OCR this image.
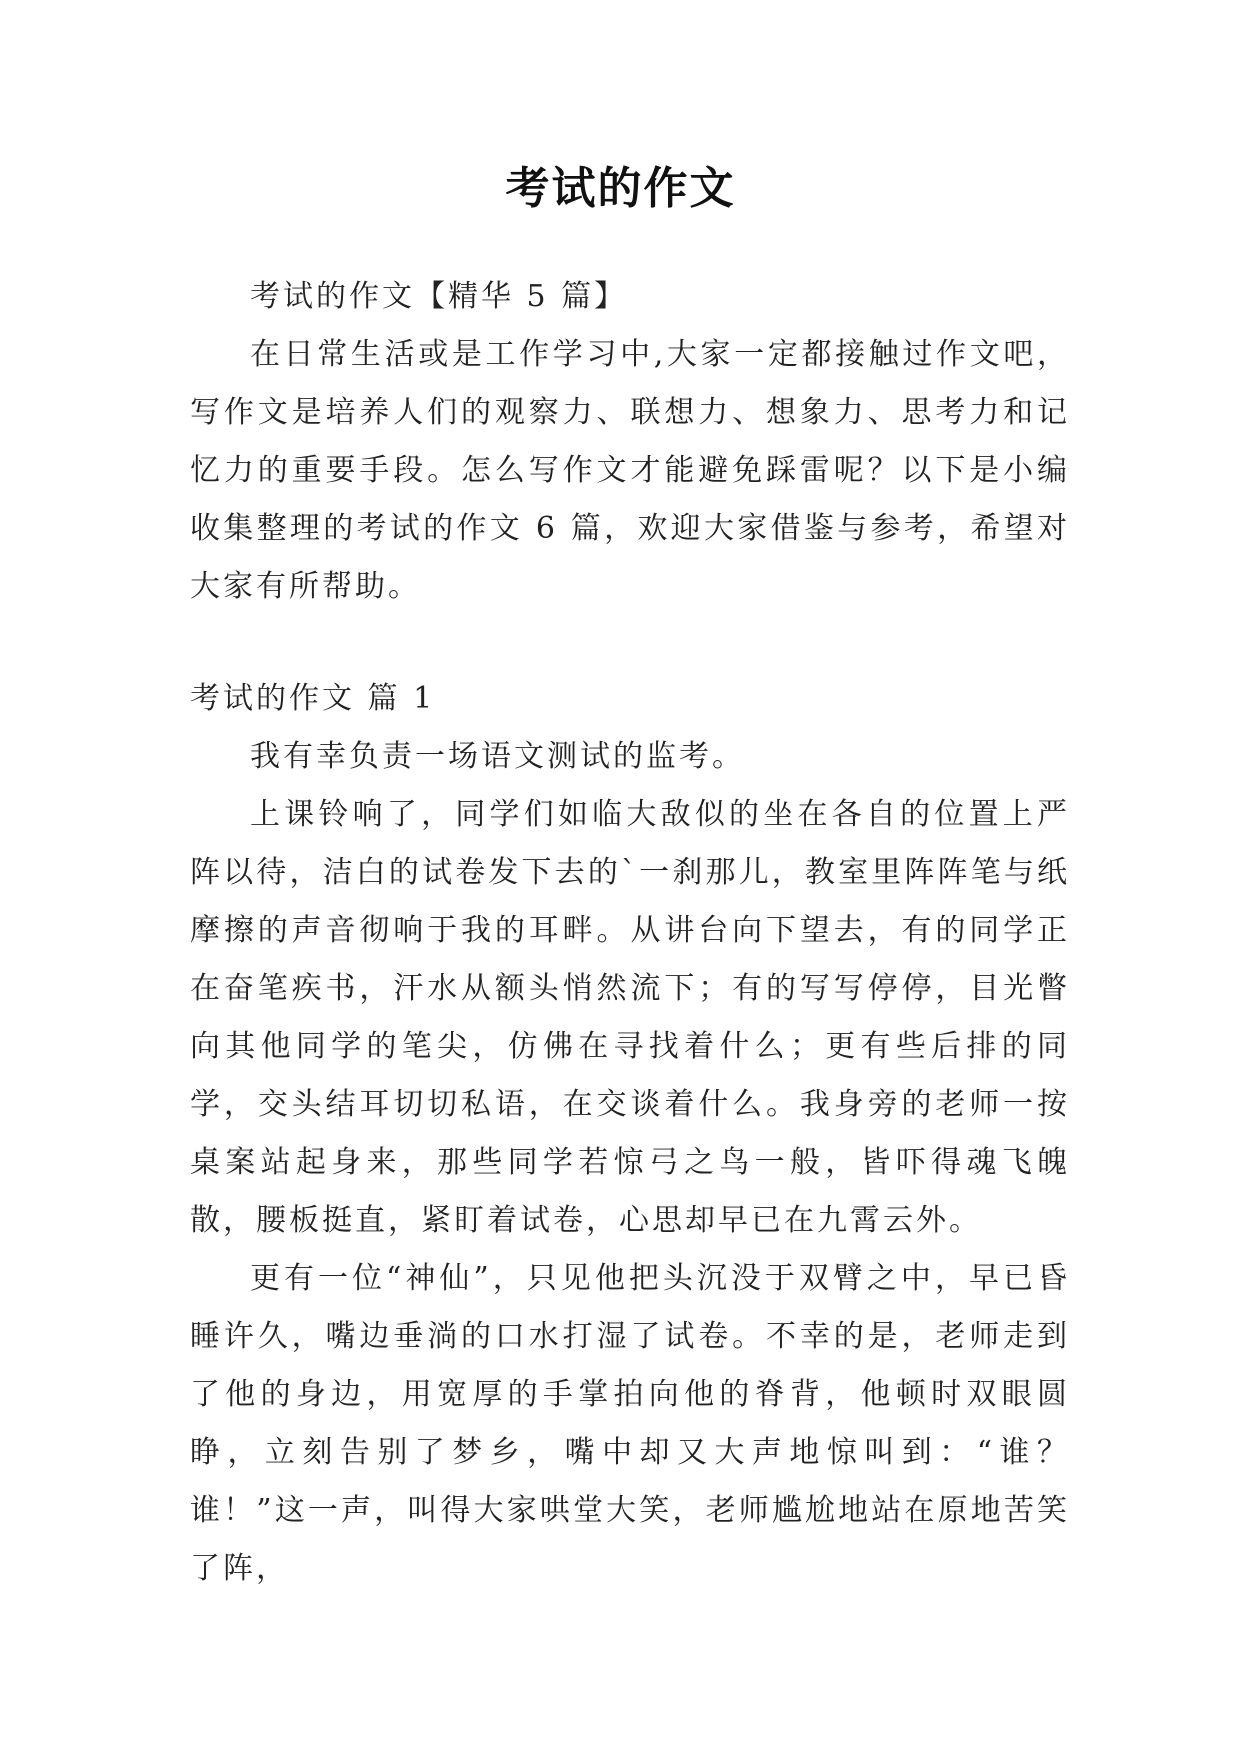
考试的作文

考试的作文【精华 5 篇】

在日常生活或是工作学习中,大家一定都接触过作文吧，写作文是培养人们的观察力、联想力、想象力、思考力和记忆力的重要手段。怎么写作文才能避免踩雷呢？以下是小编收集整理的考试的作文 6 篇，欢迎大家借鉴与参考，希望对大家有所帮助。

考试的作文 篇 1

我有幸负责一场语文测试的监考。

上课铃响了，同学们如临大敌似的坐在各自的位置上严阵以待，洁白的试卷发下去的`一刹那儿，教室里阵阵笔与纸摩擦的声音彻响于我的耳畔。从讲台向下望去，有的同学正在奋笔疾书，汗水从额头悄然流下；有的写写停停，目光瞥向其他同学的笔尖，仿佛在寻找着什么；更有些后排的同学，交头结耳切切私语，在交谈着什么。我身旁的老师一按桌案站起身来，那些同学若惊弓之鸟一般，皆吓得魂飞魄散，腰板挺直，紧盯着试卷，心思却早已在九霄云外。

更有一位“神仙”，只见他把头沉没于双臂之中，早已昏睡许久，嘴边垂淌的口水打湿了试卷。不幸的是，老师走到了他的身边，用宽厚的手掌拍向他的脊背，他顿时双眼圆睁，立刻告别了梦乡，嘴中却又大声地惊叫到：“谁？谁！”这一声，叫得大家哄堂大笑，老师尴尬地站在原地苦笑了阵，
